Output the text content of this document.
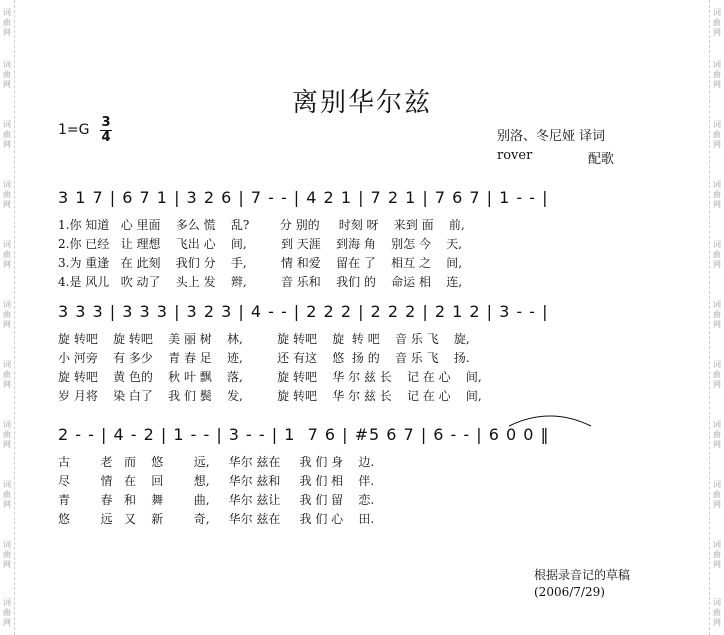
词曲网
词曲网
词曲网
词曲网
词曲网
词曲网
词曲网
词曲网
词曲网
词曲网
词曲网
词曲网
词曲网
词曲网
词曲网
词曲网
词曲网
词曲网
词曲网
词曲网
词曲网
词曲网
离别华尔兹
1=G 3
4	别洛、冬尼娅 译词
rover	配歌
3 1 7 | 6 7 1 | 3 2 6 | 7 - - | 4 2 1 | 7 2 1 | 7 6 7 | 1 - - |
1.你 知道   心 里面    多么 慌    乱?        分 别的     时刻 呀    来到 面    前,
2.你 已经   让 理想    飞出 心    间,         到 天涯    到海 角    别怎 今    天,
3.为 重逢   在 此刻    我们 分    手,         情 和爱    留在 了    相互 之    间,
4.是 风儿   吹 动了    头上 发    辫,         音 乐和    我们 的    命运 相    连,
3 3 3 | 3 3 3 | 3 2 3 | 4 - - | 2 2 2 | 2 2 2 | 2 1 2 | 3 - - |
旋 转吧    旋 转吧    美 丽 树    林,         旋 转吧    旋  转 吧    音 乐 飞    旋,
小 河旁    有 多少    青 春 足    迹,         还 有这    悠  扬 的    音 乐 飞    扬.
旋 转吧    黄 色的    秋 叶 飘    落,         旋 转吧    华 尔 兹 长    记 在 心    间,
岁 月将    染 白了    我 们 鬓    发,         旋 转吧    华 尔 兹 长    记 在 心    间,
2 - - | 4 - 2 | 1 - - | 3 - - | 1  7 6 | #5 6 7 | 6 - - | 6 0 0 ‖
古        老   而    悠        远,     华尔 兹在     我 们 身    边.
尽        情   在    回        想,     华尔 兹和     我 们 相    伴.
青        春   和    舞        曲,     华尔 兹让     我 们 留    恋.
悠        远   又    新        奇,     华尔 兹在     我 们 心    田.
根据录音记的草稿
(2006/7/29)
